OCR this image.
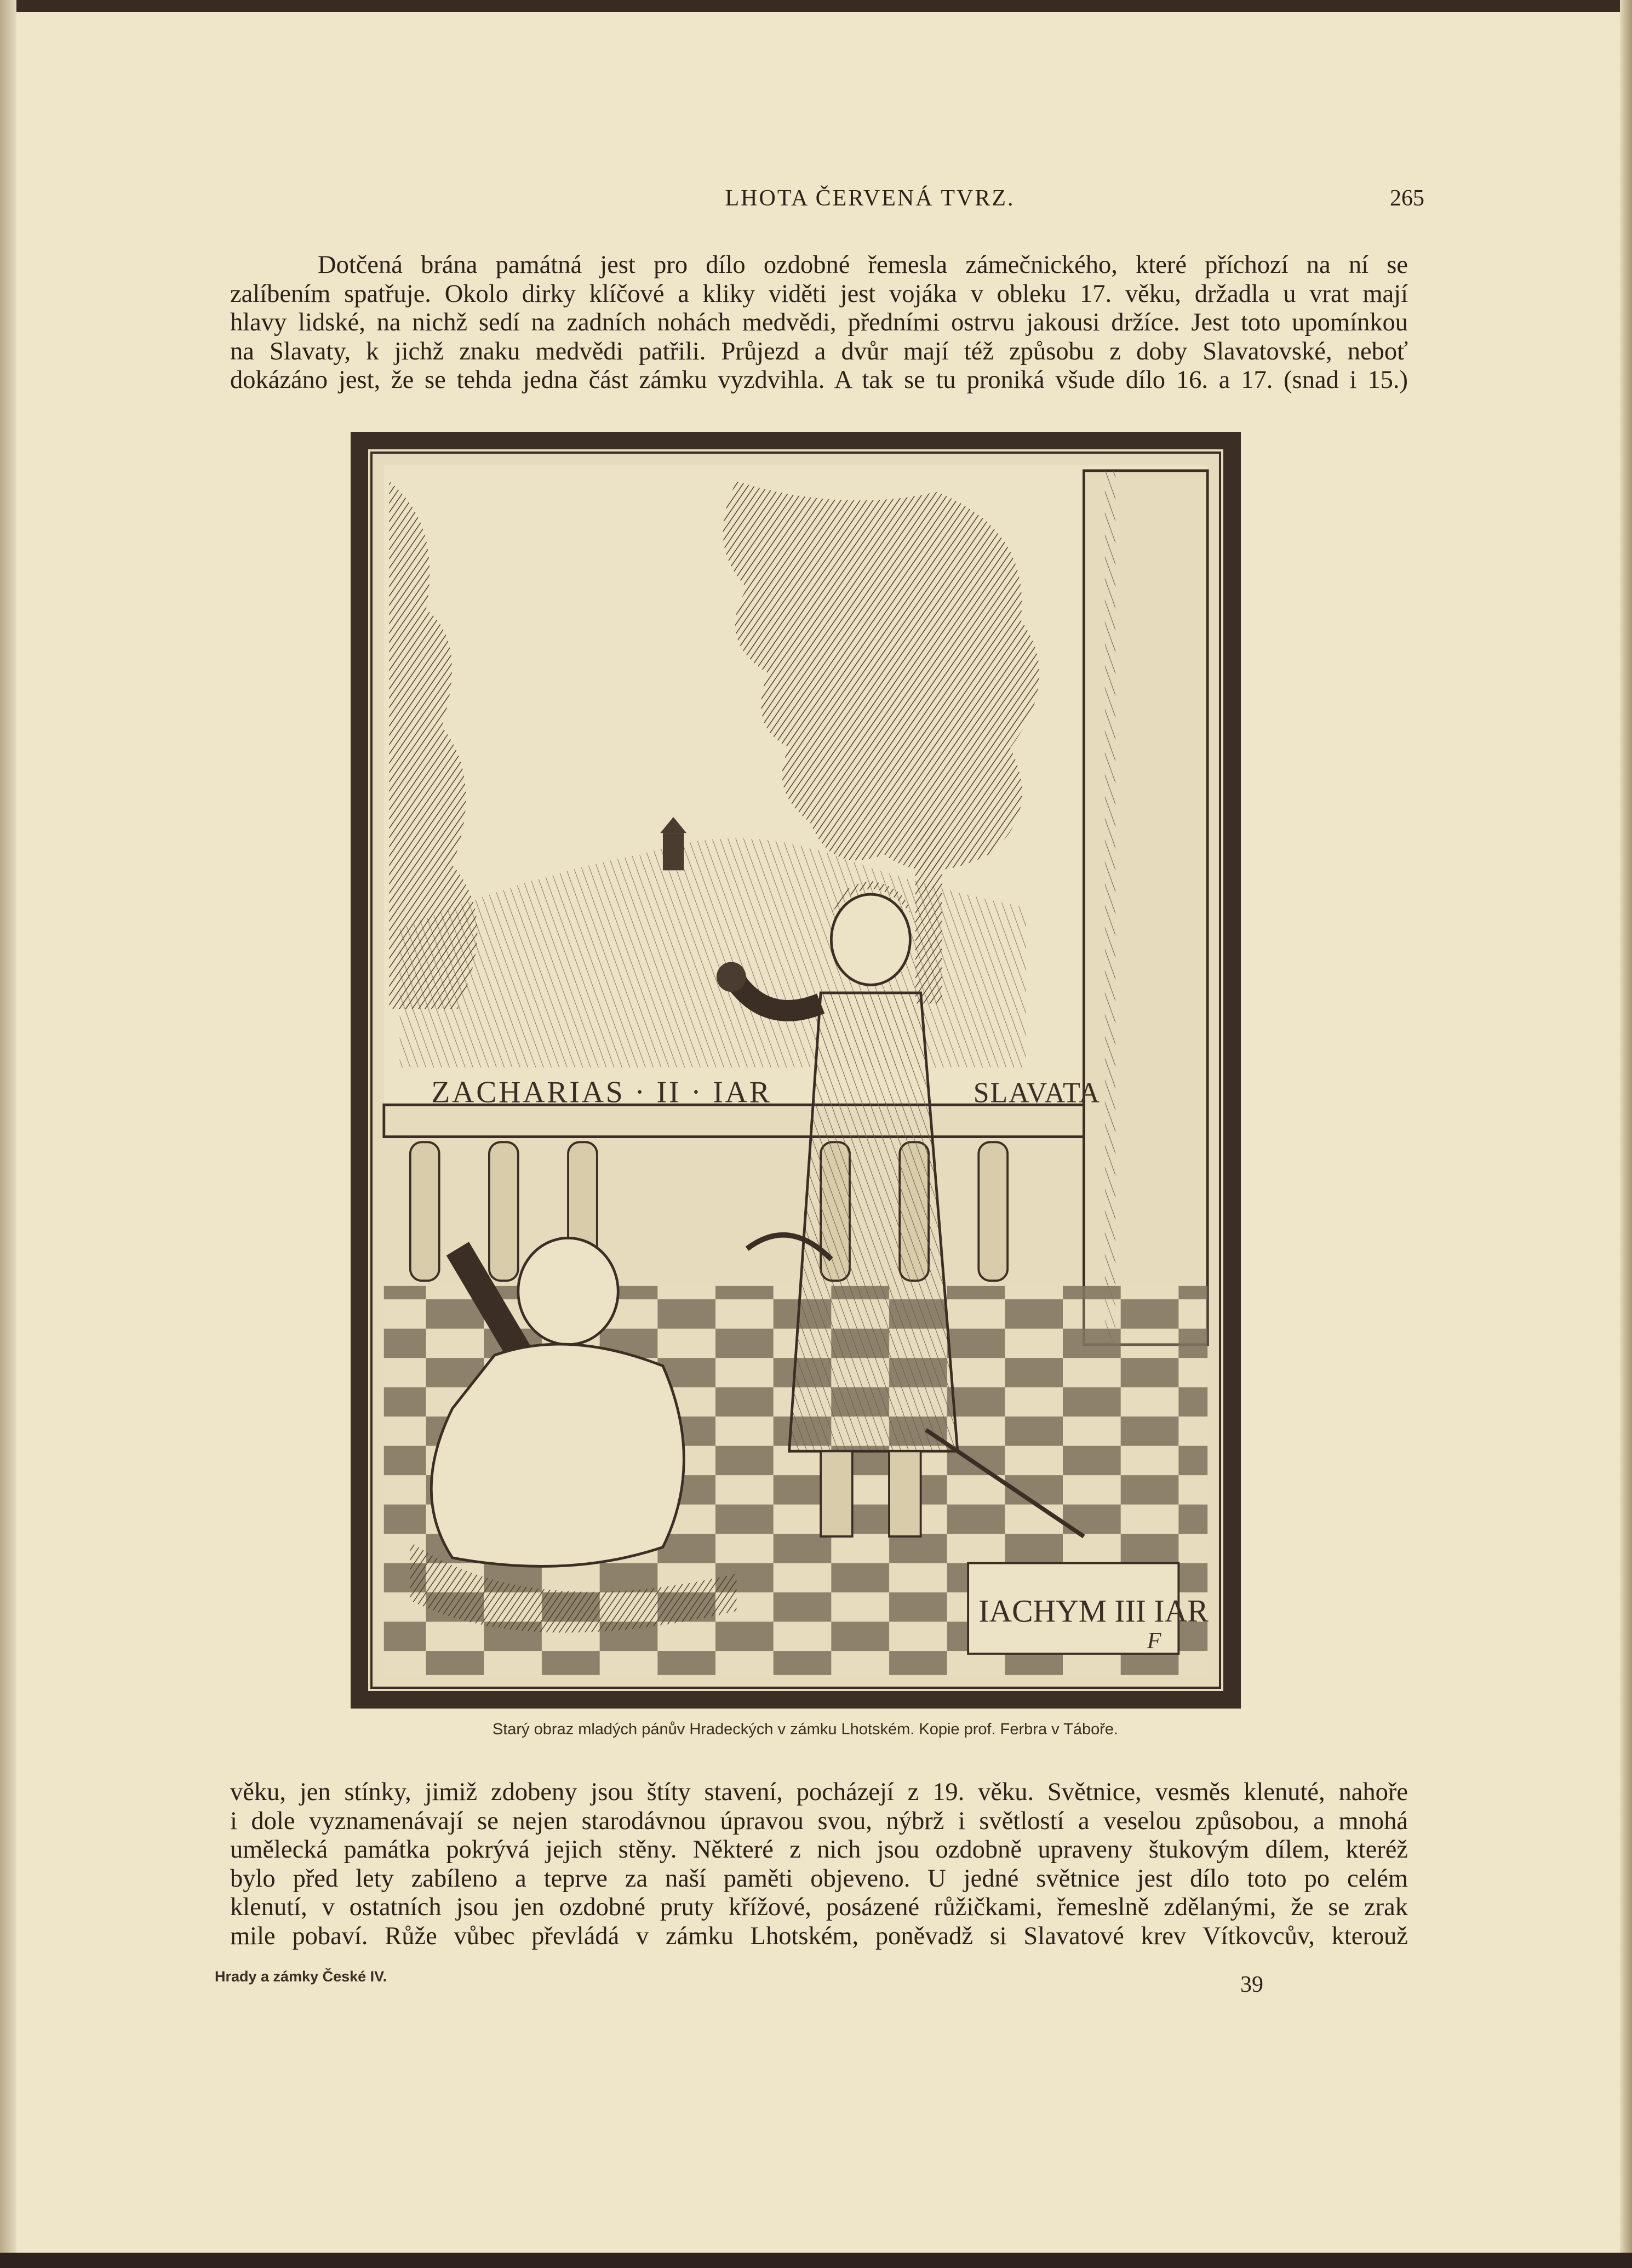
LHOTA ČERVENÁ TVRZ.	265
Dotčená brána památná jest pro dílo ozdobné řemesla zámečnického, které příchozí na ní se
zalíbením spatřuje. Okolo dirky klíčové a kliky viděti jest vojáka v obleku 17. věku, držadla u vrat mají
hlavy lidské, na nichž sedí na zadních nohách medvědi, předními ostrvu jakousi držíce. Jest toto upomínkou
na Slavaty, k jichž znaku medvědi patřili. Průjezd a dvůr mají též způsobu z doby Slavatovské, neboť
dokázáno jest, že se tehda jedna část zámku vyzdvihla. A tak se tu proniká všude dílo 16. a 17. (snad i 15.)
ZACHARIAS · II · IAR	SLAVATA
IACHYM III IAR
F
Starý obraz mladých pánův Hradeckých v zámku Lhotském. Kopie prof. Ferbra v Táboře.
věku, jen stínky, jimiž zdobeny jsou štíty stavení, pocházejí z 19. věku. Světnice, vesměs klenuté, nahoře
i dole vyznamenávají se nejen starodávnou úpravou svou, nýbrž i světlostí a veselou způsobou, a mnohá
umělecká památka pokrývá jejich stěny. Některé z nich jsou ozdobně upraveny štukovým dílem, kteréž
bylo před lety zabíleno a teprve za naší paměti objeveno. U jedné světnice jest dílo toto po celém
klenutí, v ostatních jsou jen ozdobné pruty křížové, posázené růžičkami, řemeslně zdělanými, že se zrak
mile pobaví. Růže vůbec převládá v zámku Lhotském, poněvadž si Slavatové krev Vítkovcův, kterouž
Hrady a zámky České IV.	39
